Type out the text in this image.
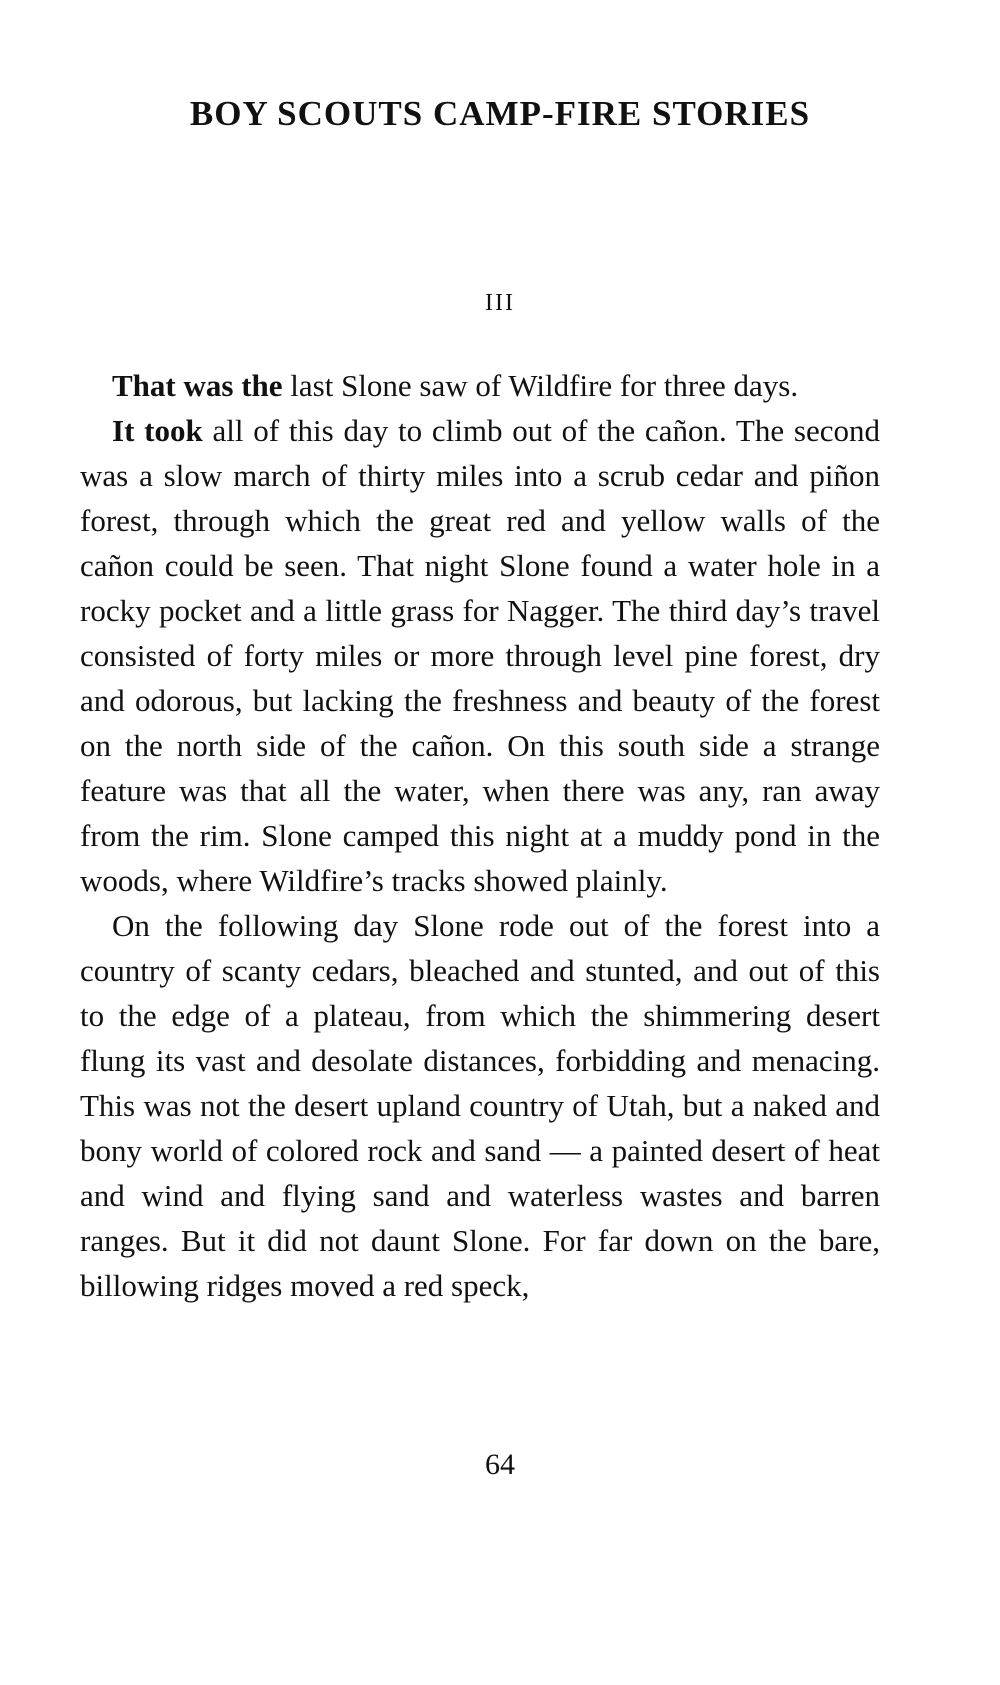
BOY SCOUTS CAMP-FIRE STORIES
III

That was the last Slone saw of Wildfire for three days.

It took all of this day to climb out of the cañon. The second was a slow march of thirty miles into a scrub cedar and piñon forest, through which the great red and yellow walls of the cañon could be seen. That night Slone found a water hole in a rocky pocket and a little grass for Nagger. The third day’s travel consisted of forty miles or more through level pine forest, dry and odorous, but lacking the freshness and beauty of the forest on the north side of the cañon. On this south side a strange feature was that all the water, when there was any, ran away from the rim. Slone camped this night at a muddy pond in the woods, where Wildfire’s tracks showed plainly.

On the following day Slone rode out of the forest into a country of scanty cedars, bleached and stunted, and out of this to the edge of a plateau, from which the shimmering desert flung its vast and desolate distances, forbidding and menacing. This was not the desert upland country of Utah, but a naked and bony world of colored rock and sand — a painted desert of heat and wind and flying sand and waterless wastes and barren ranges. But it did not daunt Slone. For far down on the bare, billowing ridges moved a red speck,

64
